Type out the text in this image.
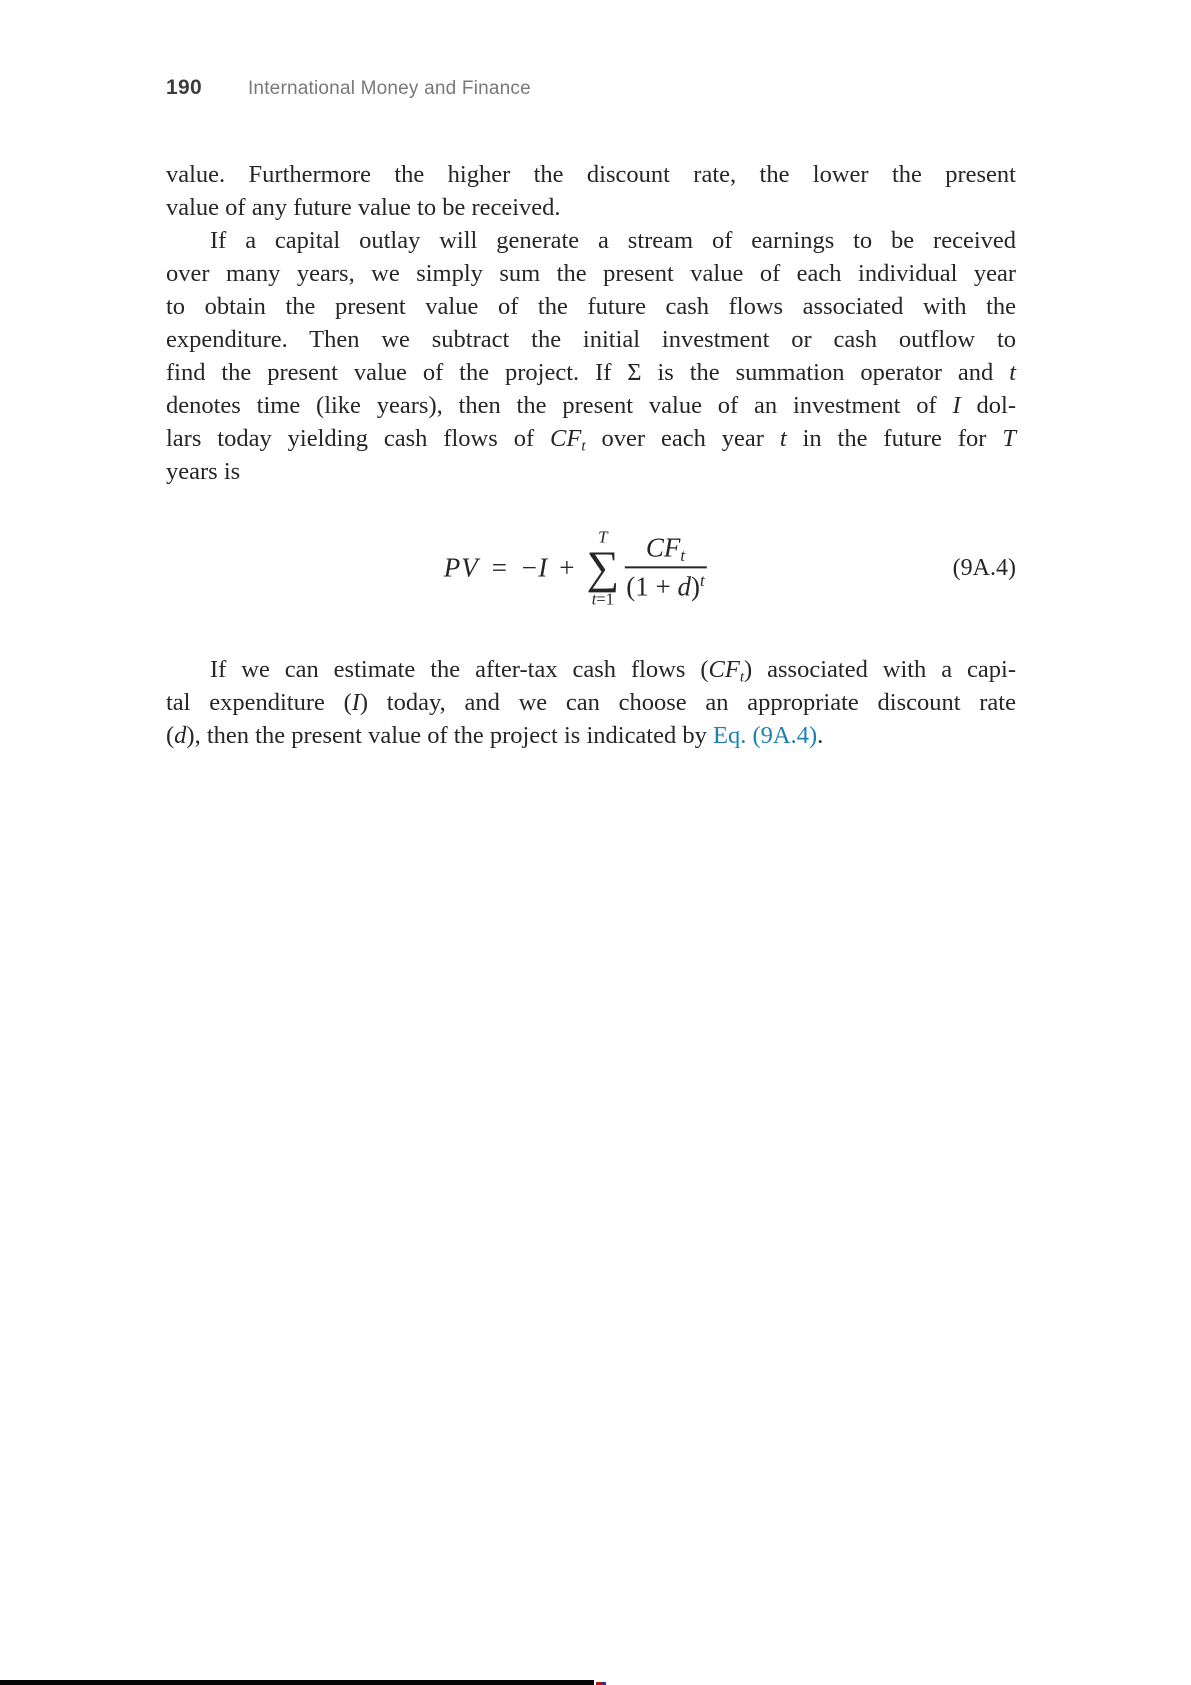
190 International Money and Finance
value. Furthermore the higher the discount rate, the lower the present
value of any future value to be received.
If a capital outlay will generate a stream of earnings to be received
over many years, we simply sum the present value of each individual year
to obtain the present value of the future cash flows associated with the
expenditure. Then we subtract the initial investment or cash outflow to
find the present value of the project. If Σ is the summation operator and t
denotes time (like years), then the present value of an investment of I dol-
lars today yielding cash flows of $CF_t$ over each year t in the future for T
years is
PV = −I +
T
∑
$t=1 \frac{CF_t}{(1 + d)^t}$	(9A.4)
If we can estimate the after-tax cash flows $(CF_t)$ associated with a capi-
tal expenditure (I) today, and we can choose an appropriate discount rate
(d), then the present value of the project is indicated by Eq. (9A.4).
